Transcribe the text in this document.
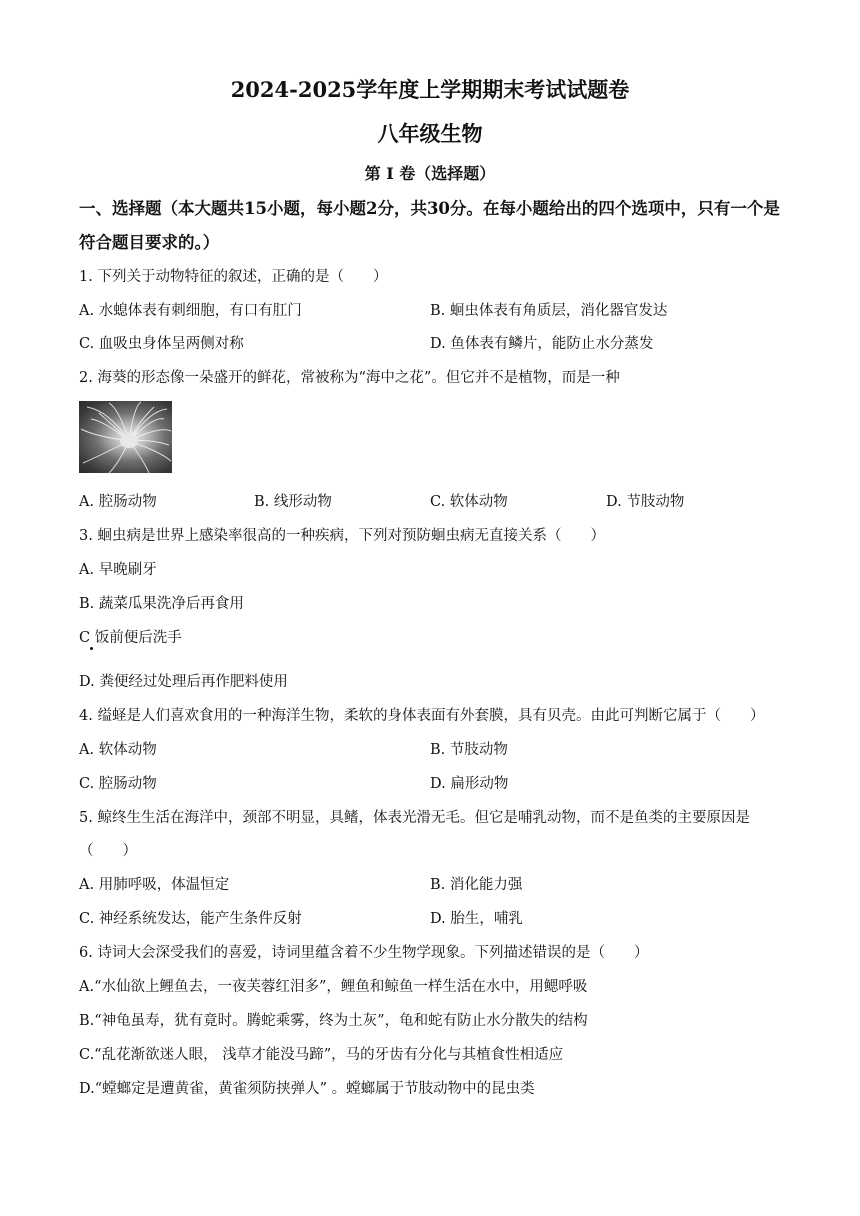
2024-2025学年度上学期期末考试试题卷
八年级生物
第 I 卷（选择题）
一、选择题（本大题共15小题，每小题2分，共30分。在每小题给出的四个选项中，只有一个是符合题目要求的。）
1. 下列关于动物特征的叙述，正确的是（　　）
A. 水螅体表有刺细胞，有口有肛门	B. 蛔虫体表有角质层，消化器官发达
C. 血吸虫身体呈两侧对称	D. 鱼体表有鳞片，能防止水分蒸发
2. 海葵的形态像一朵盛开的鲜花，常被称为“海中之花”。但它并不是植物，而是一种
A. 腔肠动物	B. 线形动物	C. 软体动物	D. 节肢动物
3. 蛔虫病是世界上感染率很高的一种疾病，下列对预防蛔虫病无直接关系（　　）
A. 早晚刷牙
B. 蔬菜瓜果洗净后再食用
C 饭前便后洗手
D. 粪便经过处理后再作肥料使用
4. 缢蛏是人们喜欢食用的一种海洋生物，柔软的身体表面有外套膜，具有贝壳。由此可判断它属于（　　）
A. 软体动物	B. 节肢动物
C. 腔肠动物	D. 扁形动物
5. 鲸终生生活在海洋中，颈部不明显，具鳍，体表光滑无毛。但它是哺乳动物，而不是鱼类的主要原因是
（　　）
A. 用肺呼吸，体温恒定	B. 消化能力强
C. 神经系统发达，能产生条件反射	D. 胎生，哺乳
6. 诗词大会深受我们的喜爱，诗词里蕴含着不少生物学现象。下列描述错误的是（　　）
A.“水仙欲上鲤鱼去，一夜芙蓉红泪多”，鲤鱼和鲸鱼一样生活在水中，用鳃呼吸
B.“神龟虽寿，犹有竟时。腾蛇乘雾，终为土灰”，龟和蛇有防止水分散失的结构
C.“乱花渐欲迷人眼， 浅草才能没马蹄”，马的牙齿有分化与其植食性相适应
D.“螳螂定是遭黄雀，黄雀须防挟弹人” 。螳螂属于节肢动物中的昆虫类
